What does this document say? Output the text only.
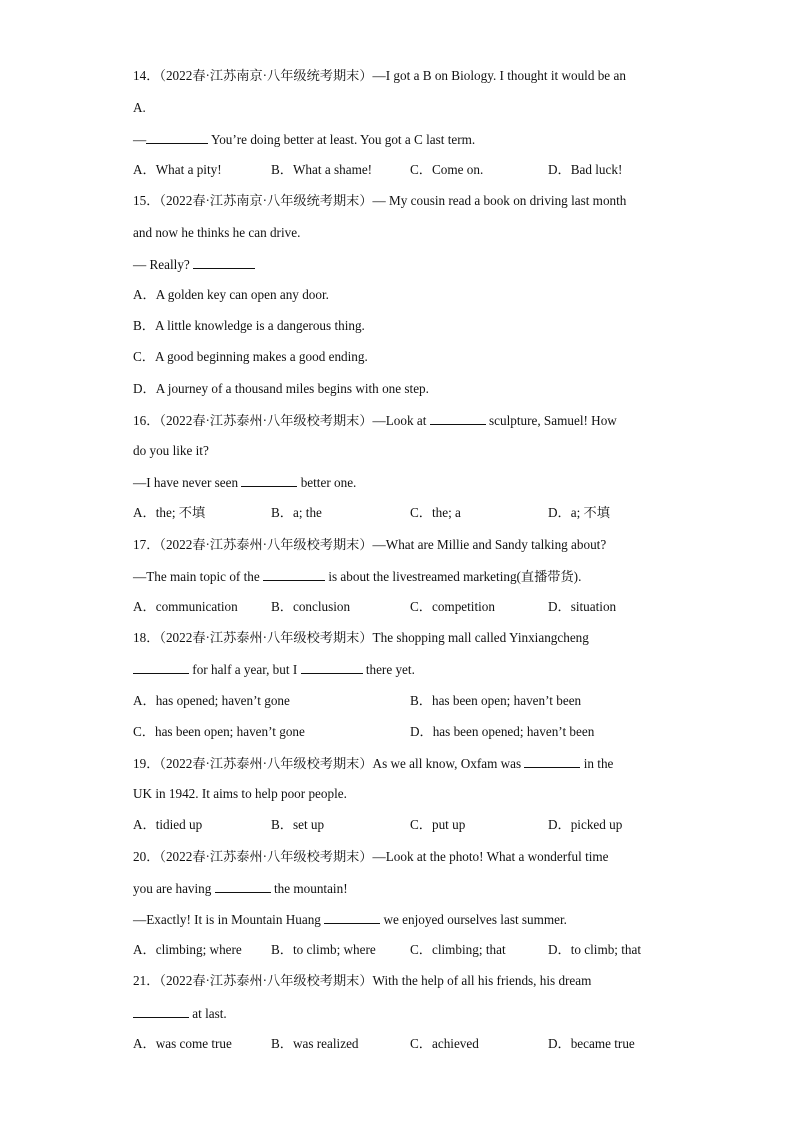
14．（2022春·江苏南京·八年级统考期末）—I got a B on Biology. I thought it would be an
A.
—	You’re doing better at least. You got a C last term.
A．What a pity!	B．What a shame!	C．Come on.	D．Bad luck!
15．（2022春·江苏南京·八年级统考期末）— My cousin read a book on driving last month
and now he thinks he can drive.
— Really?
A．A golden key can open any door.
B．A little knowledge is a dangerous thing.
C．A good beginning makes a good ending.
D．A journey of a thousand miles begins with one step.
16．（2022春·江苏泰州·八年级校考期末）—Look at	sculpture, Samuel! How
do you like it?
—I have never seen	better one.
A．the; 不填	B．a; the	C．the; a	D．a; 不填
17．（2022春·江苏泰州·八年级校考期末）—What are Millie and Sandy talking about?
—The main topic of the	is about the livestreamed marketing(直播带货).
A．communication	B．conclusion	C．competition	D．situation
18．（2022春·江苏泰州·八年级校考期末）The shopping mall called Yinxiangcheng
for half a year, but I	there yet.
A．has opened; haven’t gone	B．has been open; haven’t been
C．has been open; haven’t gone	D．has been opened; haven’t been
19．（2022春·江苏泰州·八年级校考期末）As we all know, Oxfam was	in the
UK in 1942. It aims to help poor people.
A．tidied up	B．set up	C．put up	D．picked up
20．（2022春·江苏泰州·八年级校考期末）—Look at the photo! What a wonderful time
you are having	the mountain!
—Exactly! It is in Mountain Huang	we enjoyed ourselves last summer.
A．climbing; where B．to climb; where	C．climbing; that	D．to climb; that
21．（2022春·江苏泰州·八年级校考期末）With the help of all his friends, his dream
at last.
A．was come true	B．was realized	C．achieved	D．became true
